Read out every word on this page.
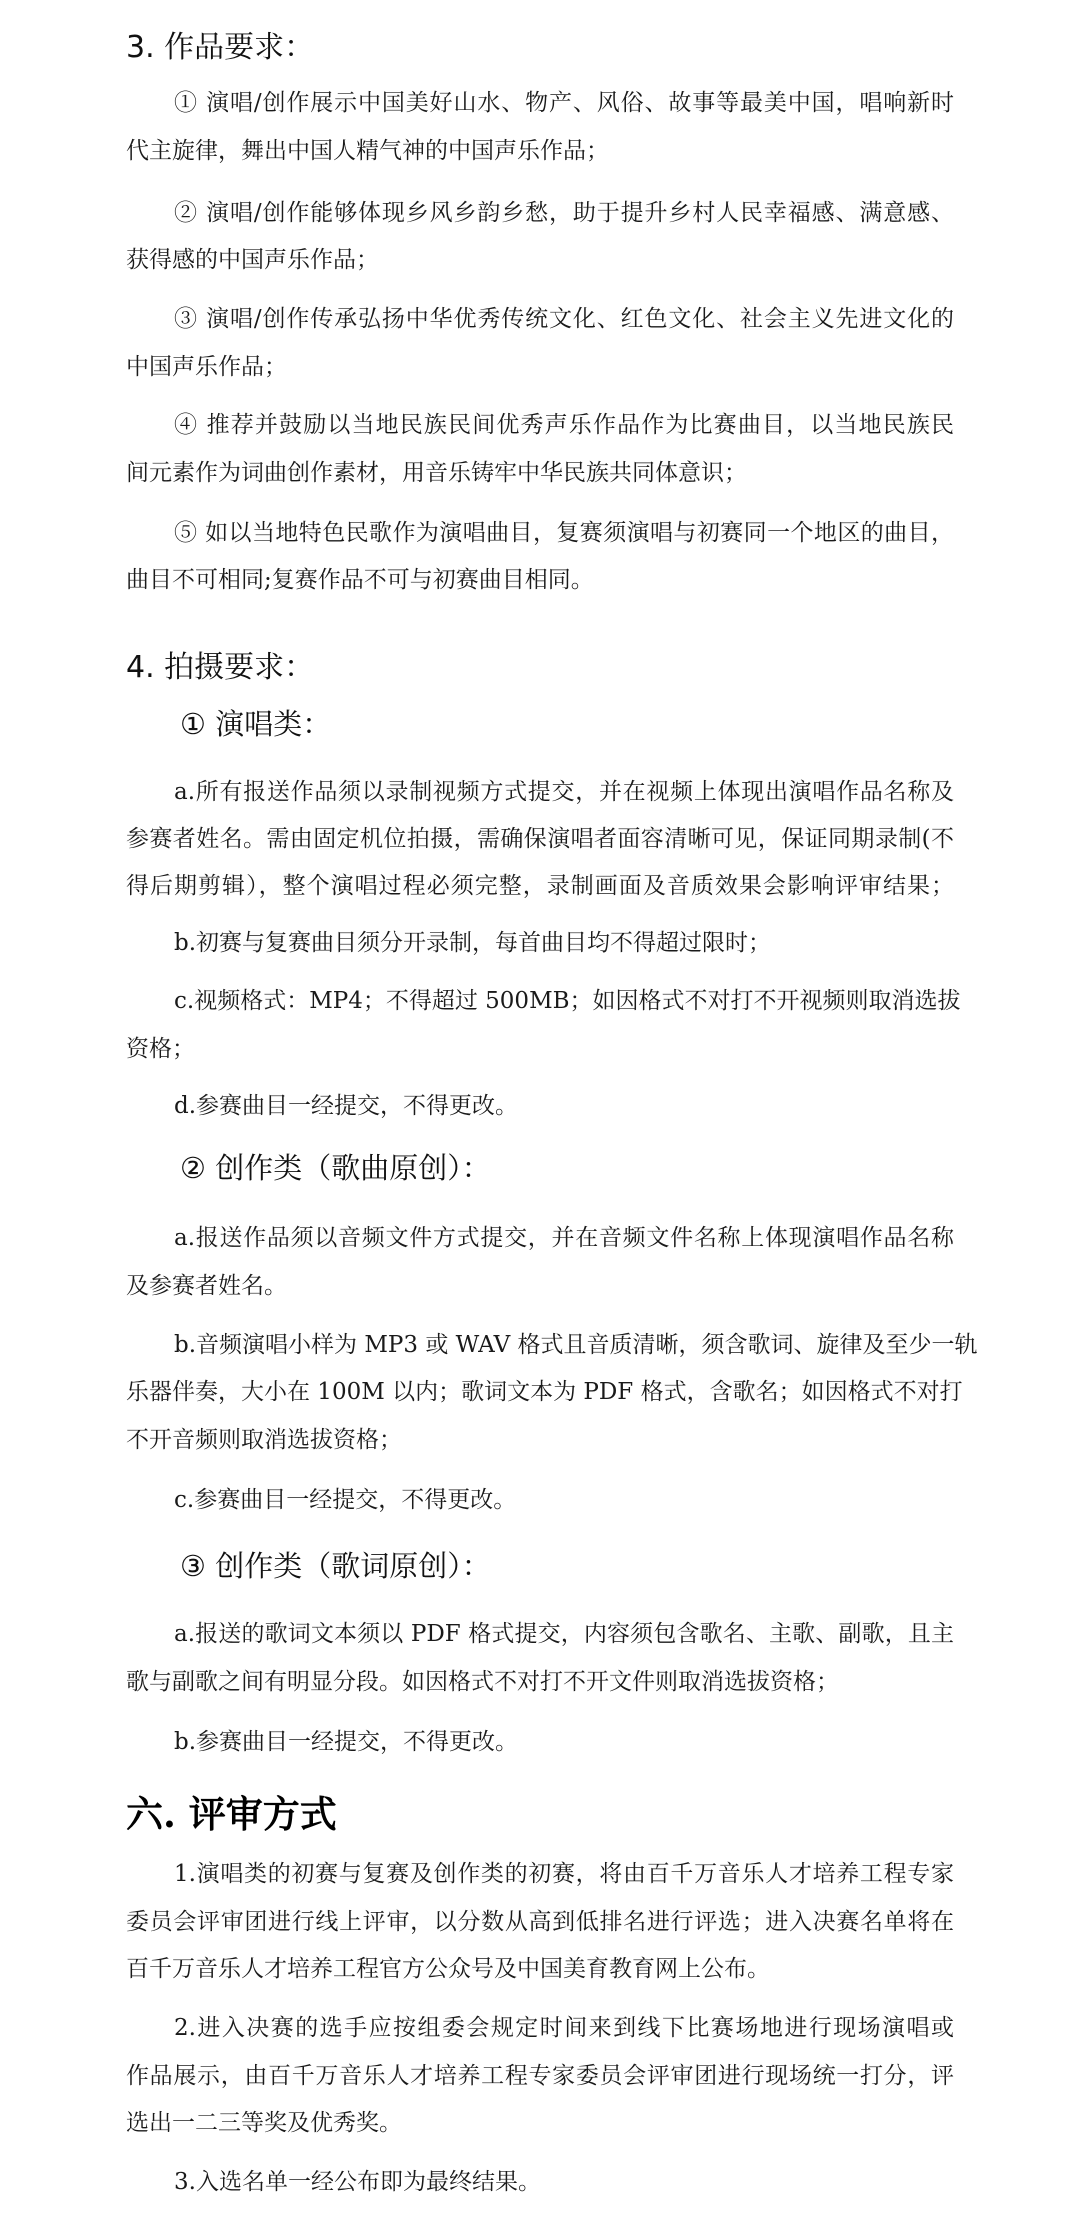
3. 作品要求：
① 演唱/创作展示中国美好山水、物产、风俗、故事等最美中国，唱响新时
代主旋律，舞出中国人精气神的中国声乐作品；
② 演唱/创作能够体现乡风乡韵乡愁，助于提升乡村人民幸福感、满意感、
获得感的中国声乐作品；
③ 演唱/创作传承弘扬中华优秀传统文化、红色文化、社会主义先进文化的
中国声乐作品；
④ 推荐并鼓励以当地民族民间优秀声乐作品作为比赛曲目，以当地民族民
间元素作为词曲创作素材，用音乐铸牢中华民族共同体意识；
⑤ 如以当地特色民歌作为演唱曲目，复赛须演唱与初赛同一个地区的曲目，
曲目不可相同;复赛作品不可与初赛曲目相同。
4. 拍摄要求：
① 演唱类：
a.所有报送作品须以录制视频方式提交，并在视频上体现出演唱作品名称及
参赛者姓名。需由固定机位拍摄，需确保演唱者面容清晰可见，保证同期录制(不
得后期剪辑），整个演唱过程必须完整，录制画面及音质效果会影响评审结果；
b.初赛与复赛曲目须分开录制，每首曲目均不得超过限时；
c.视频格式：MP4；不得超过 500MB；如因格式不对打不开视频则取消选拔
资格；
d.参赛曲目一经提交，不得更改。
② 创作类（歌曲原创）：
a.报送作品须以音频文件方式提交，并在音频文件名称上体现演唱作品名称
及参赛者姓名。
b.音频演唱小样为 MP3 或 WAV 格式且音质清晰，须含歌词、旋律及至少一轨
乐器伴奏，大小在 100M 以内；歌词文本为 PDF 格式，含歌名；如因格式不对打
不开音频则取消选拔资格；
c.参赛曲目一经提交，不得更改。
③ 创作类（歌词原创）：
a.报送的歌词文本须以 PDF 格式提交，内容须包含歌名、主歌、副歌，且主
歌与副歌之间有明显分段。如因格式不对打不开文件则取消选拔资格；
b.参赛曲目一经提交，不得更改。
六. 评审方式
1.演唱类的初赛与复赛及创作类的初赛，将由百千万音乐人才培养工程专家
委员会评审团进行线上评审，以分数从高到低排名进行评选；进入决赛名单将在
百千万音乐人才培养工程官方公众号及中国美育教育网上公布。
2.进入决赛的选手应按组委会规定时间来到线下比赛场地进行现场演唱或
作品展示，由百千万音乐人才培养工程专家委员会评审团进行现场统一打分，评
选出一二三等奖及优秀奖。
3.入选名单一经公布即为最终结果。
